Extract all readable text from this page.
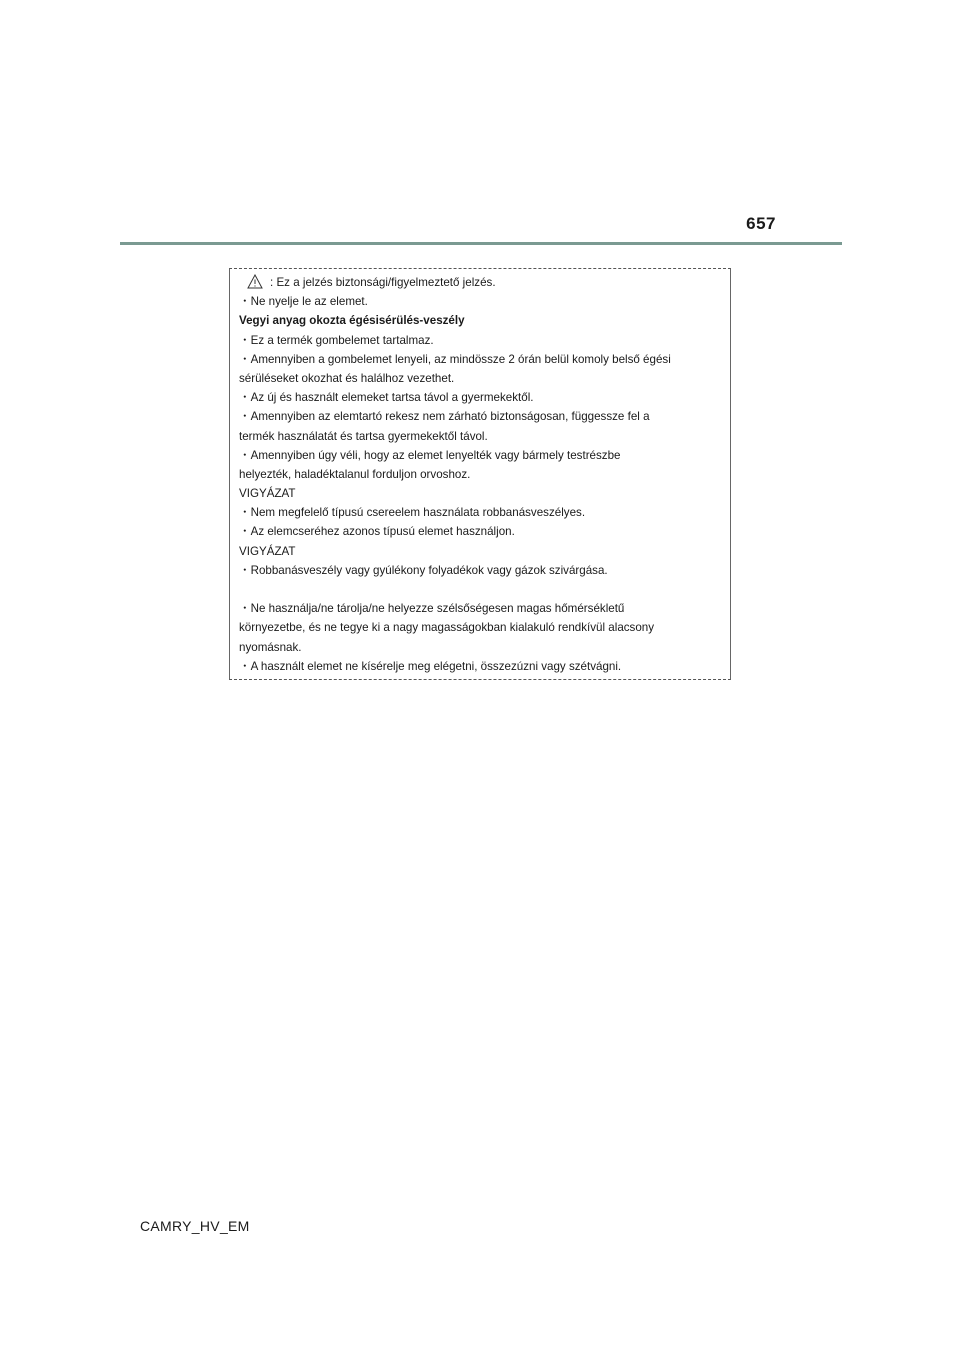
657
: Ez a jelzés biztonsági/figyelmeztető jelzés.
・Ne nyelje le az elemet.
Vegyi anyag okozta égésisérülés-veszély
・Ez a termék gombelemet tartalmaz.
・Amennyiben a gombelemet lenyeli, az mindössze 2 órán belül komoly belső égési
sérüléseket okozhat és halálhoz vezethet.
・Az új és használt elemeket tartsa távol a gyermekektől.
・Amennyiben az elemtartó rekesz nem zárható biztonságosan, függessze fel a
termék használatát és tartsa gyermekektől távol.
・Amennyiben úgy véli, hogy az elemet lenyelték vagy bármely testrészbe
helyezték, haladéktalanul forduljon orvoshoz.
VIGYÁZAT
・Nem megfelelő típusú csereelem használata robbanásveszélyes.
・Az elemcseréhez azonos típusú elemet használjon.
VIGYÁZAT
・Robbanásveszély vagy gyúlékony folyadékok vagy gázok szivárgása.
・Ne használja/ne tárolja/ne helyezze szélsőségesen magas hőmérsékletű
környezetbe, és ne tegye ki a nagy magasságokban kialakuló rendkívül alacsony
nyomásnak.
・A használt elemet ne kísérelje meg elégetni, összezúzni vagy szétvágni.
CAMRY_HV_EM
